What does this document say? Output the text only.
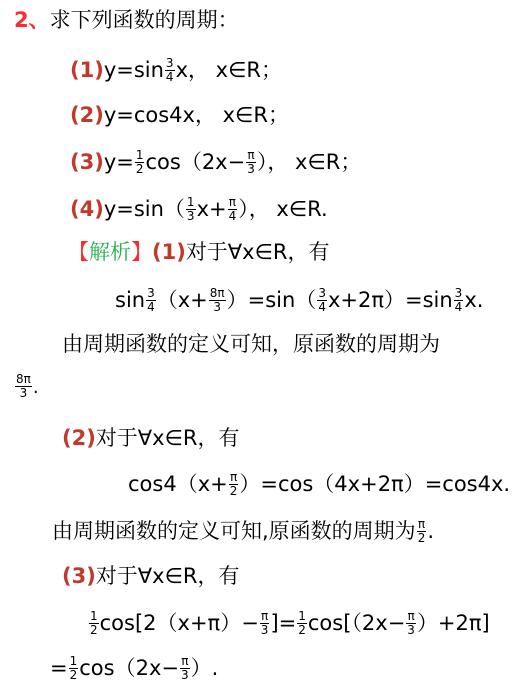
2、求下列函数的周期：
$(1)y=\sin \frac{3}{4}$ x， x∈R；
(2)y=cos4x， x∈R；
$(3)y= \frac{1}{2} \cos(2x- \frac{\pi}{3}$ ）， x∈R；
$(4)y=\sin( \frac{1}{3} x+ \frac{\pi}{4}$ ）， x∈R.
【解析】(1)对于∀x∈R，有
$\sin \frac{3}{4} (x+ \frac{8\pi}{3} )=\sin( \frac{3}{4} x+2\pi)=\sin \frac{3}{4} x$.
由周期函数的定义可知，原函数的周期为
$\frac{8\pi}{3}$ .
(2)对于∀x∈R，有
$\cos 4(x+ \frac{\pi}{2} )=\cos(4x+2\pi)=\cos 4x$.
由周期函数的定义可知,原函数的周期为 $\frac{\pi}{2}$ .
(3)对于∀x∈R，有
$\frac{1}{2} \cos[2(x+\pi)- \frac{\pi}{3}$ ]= $\frac{1}{2} \cos[(2x- \frac{\pi}{3} )+2\pi]$
= $\frac{1}{2} \cos(2x- \frac{\pi}{3}$ ）.
